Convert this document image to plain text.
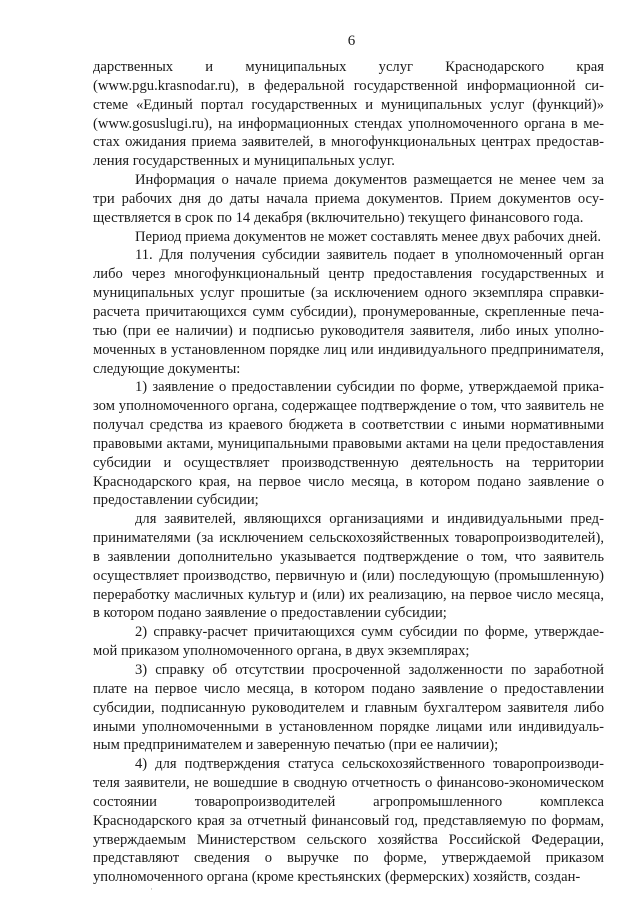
6

дарственных и муниципальных услуг Краснодарского края (www.pgu.krasnodar.ru), в федеральной государственной информационной системе «Единый портал государственных и муниципальных услуг (функций)» (www.gosuslugi.ru), на информационных стендах уполномоченного органа в местах ожидания приема заявителей, в многофункциональных центрах предоставления государственных и муниципальных услуг.

Информация о начале приема документов размещается не менее чем за три рабочих дня до даты начала приема документов. Прием документов осуществляется в срок по 14 декабря (включительно) текущего финансового года.

Период приема документов не может составлять менее двух рабочих дней.

11. Для получения субсидии заявитель подает в уполномоченный орган либо через многофункциональный центр предоставления государственных и муниципальных услуг прошитые (за исключением одного экземпляра справки-расчета причитающихся сумм субсидии), пронумерованные, скрепленные печатью (при ее наличии) и подписью руководителя заявителя, либо иных уполномоченных в установленном порядке лиц или индивидуального предпринимателя, следующие документы:

1) заявление о предоставлении субсидии по форме, утверждаемой приказом уполномоченного органа, содержащее подтверждение о том, что заявитель не получал средства из краевого бюджета в соответствии с иными нормативными правовыми актами, муниципальными правовыми актами на цели предоставления субсидии и осуществляет производственную деятельность на территории Краснодарского края, на первое число месяца, в котором подано заявление о предоставлении субсидии;

для заявителей, являющихся организациями и индивидуальными предпринимателями (за исключением сельскохозяйственных товаропроизводителей), в заявлении дополнительно указывается подтверждение о том, что заявитель осуществляет производство, первичную и (или) последующую (промышленную) переработку масличных культур и (или) их реализацию, на первое число месяца, в котором подано заявление о предоставлении субсидии;

2) справку-расчет причитающихся сумм субсидии по форме, утверждаемой приказом уполномоченного органа, в двух экземплярах;

3) справку об отсутствии просроченной задолженности по заработной плате на первое число месяца, в котором подано заявление о предоставлении субсидии, подписанную руководителем и главным бухгалтером заявителя либо иными уполномоченными в установленном порядке лицами или индивидуальным предпринимателем и заверенную печатью (при ее наличии);

4) для подтверждения статуса сельскохозяйственного товаропроизводителя заявители, не вошедшие в сводную отчетность о финансово-экономическом состоянии товаропроизводителей агропромышленного комплекса Краснодарского края за отчетный финансовый год, представляемую по формам, утверждаемым Министерством сельского хозяйства Российской Федерации, представляют сведения о выручке по форме, утверждаемой приказом уполномоченного органа (кроме крестьянских (фермерских) хозяйств, создан-

·
